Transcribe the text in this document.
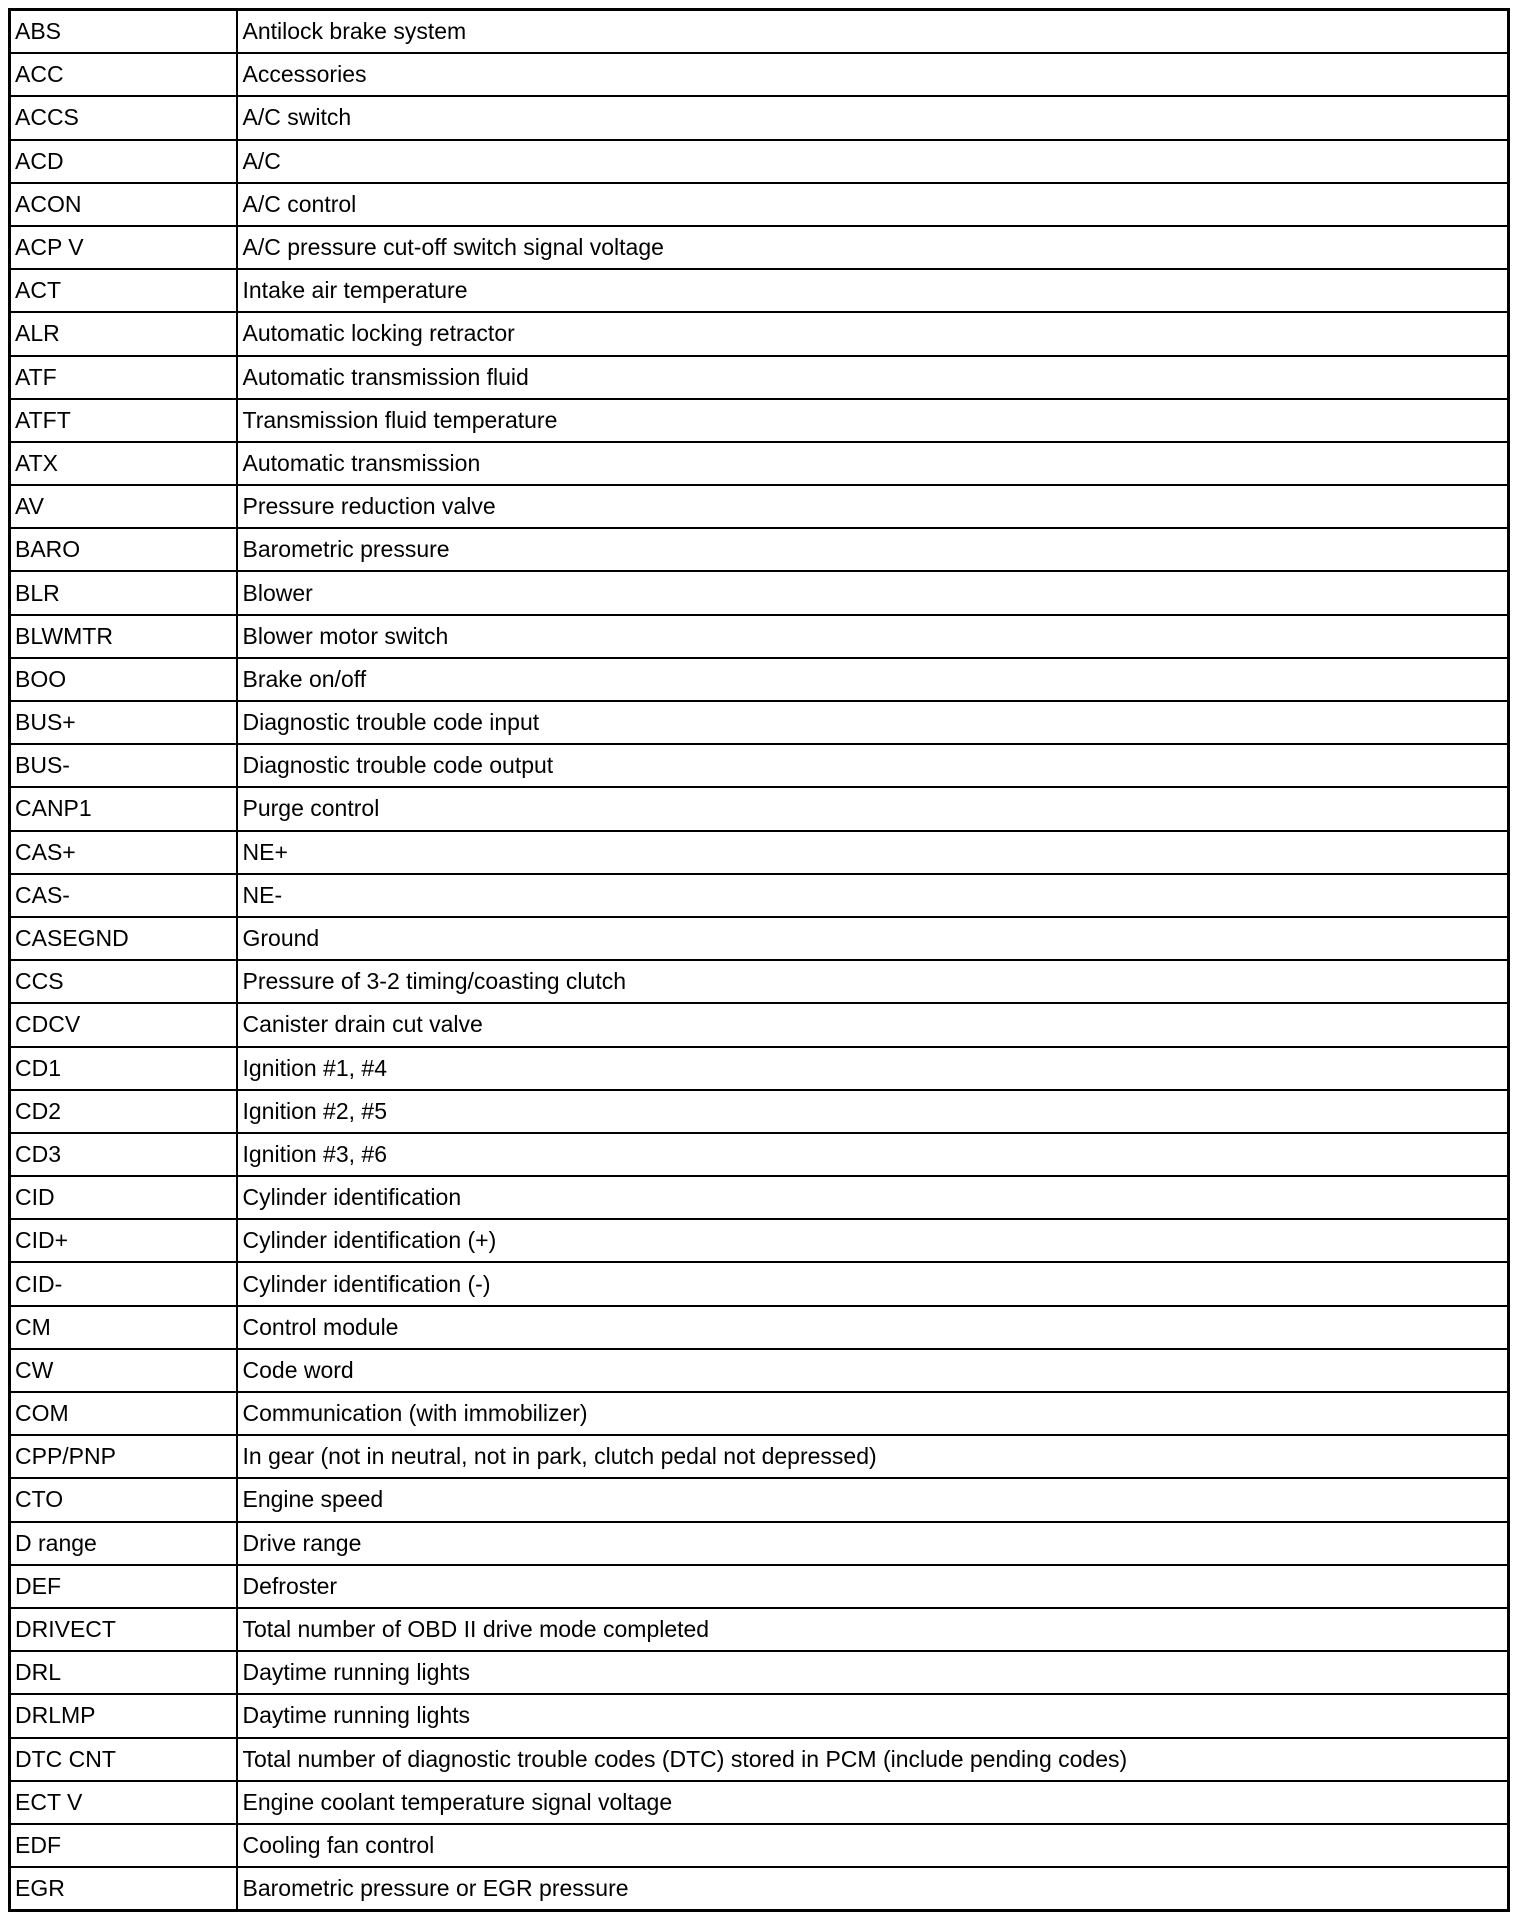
ABS	Antilock brake system
ACC	Accessories
ACCS	A/C switch
ACD	A/C
ACON	A/C control
ACP V	A/C pressure cut-off switch signal voltage
ACT	Intake air temperature
ALR	Automatic locking retractor
ATF	Automatic transmission fluid
ATFT	Transmission fluid temperature
ATX	Automatic transmission
AV	Pressure reduction valve
BARO	Barometric pressure
BLR	Blower
BLWMTR	Blower motor switch
BOO	Brake on/off
BUS+	Diagnostic trouble code input
BUS-	Diagnostic trouble code output
CANP1	Purge control
CAS+	NE+
CAS-	NE-
CASEGND	Ground
CCS	Pressure of 3-2 timing/coasting clutch
CDCV	Canister drain cut valve
CD1	Ignition #1, #4
CD2	Ignition #2, #5
CD3	Ignition #3, #6
CID	Cylinder identification
CID+	Cylinder identification (+)
CID-	Cylinder identification (-)
CM	Control module
CW	Code word
COM	Communication (with immobilizer)
CPP/PNP	In gear (not in neutral, not in park, clutch pedal not depressed)
CTO	Engine speed
D range	Drive range
DEF	Defroster
DRIVECT	Total number of OBD II drive mode completed
DRL	Daytime running lights
DRLMP	Daytime running lights
DTC CNT	Total number of diagnostic trouble codes (DTC) stored in PCM (include pending codes)
ECT V	Engine coolant temperature signal voltage
EDF	Cooling fan control
EGR	Barometric pressure or EGR pressure
